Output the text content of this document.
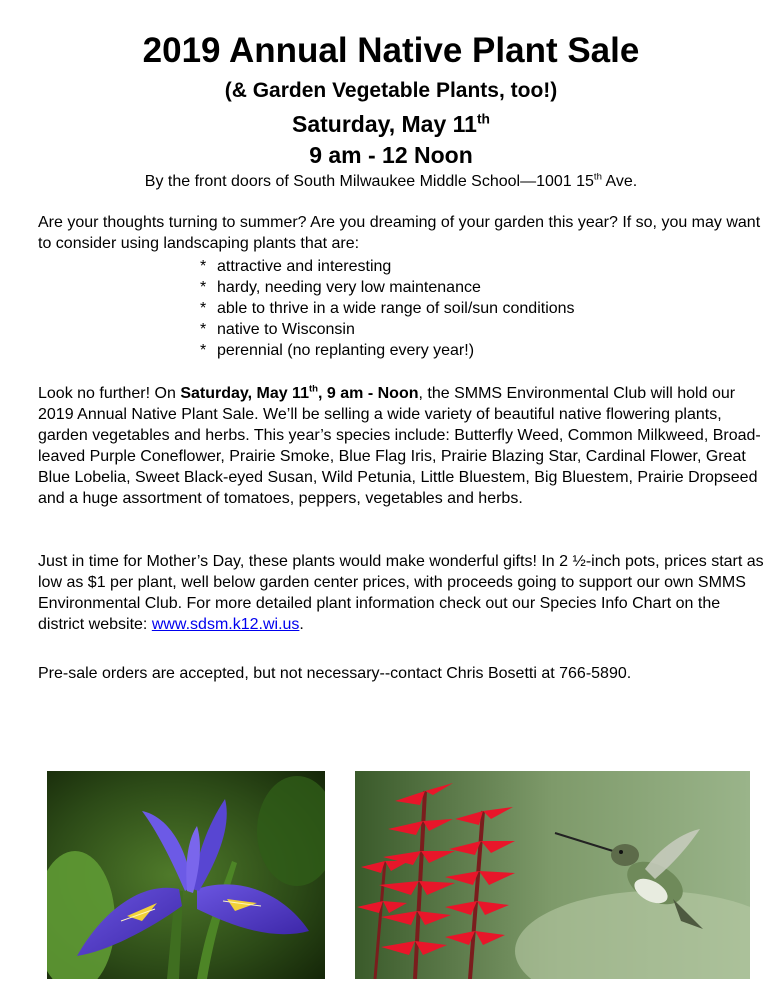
2019 Annual Native Plant Sale
(& Garden Vegetable Plants, too!)
Saturday, May 11th
9 am - 12 Noon
By the front doors of South Milwaukee Middle School—1001 15th Ave.
Are your thoughts turning to summer? Are you dreaming of your garden this year? If so, you may want to consider using landscaping plants that are:
* attractive and interesting
* hardy, needing very low maintenance
* able to thrive in a wide range of soil/sun conditions
* native to Wisconsin
* perennial (no replanting every year!)
Look no further! On Saturday, May 11th, 9 am - Noon, the SMMS Environmental Club will hold our 2019 Annual Native Plant Sale. We’ll be selling a wide variety of beautiful native flowering plants, garden vegetables and herbs. This year’s species include: Butterfly Weed, Common Milkweed, Broad-leaved Purple Coneflower, Prairie Smoke, Blue Flag Iris, Prairie Blazing Star, Cardinal Flower, Great Blue Lobelia, Sweet Black-eyed Susan, Wild Petunia, Little Bluestem, Big Bluestem, Prairie Dropseed and a huge assortment of tomatoes, peppers, vegetables and herbs.
Just in time for Mother’s Day, these plants would make wonderful gifts! In 2 ½-inch pots, prices start as low as $1 per plant, well below garden center prices, with proceeds going to support our own SMMS Environmental Club. For more detailed plant information check out our Species Info Chart on the district website: www.sdsm.k12.wi.us.
Pre-sale orders are accepted, but not necessary--contact Chris Bosetti at 766-5890.
